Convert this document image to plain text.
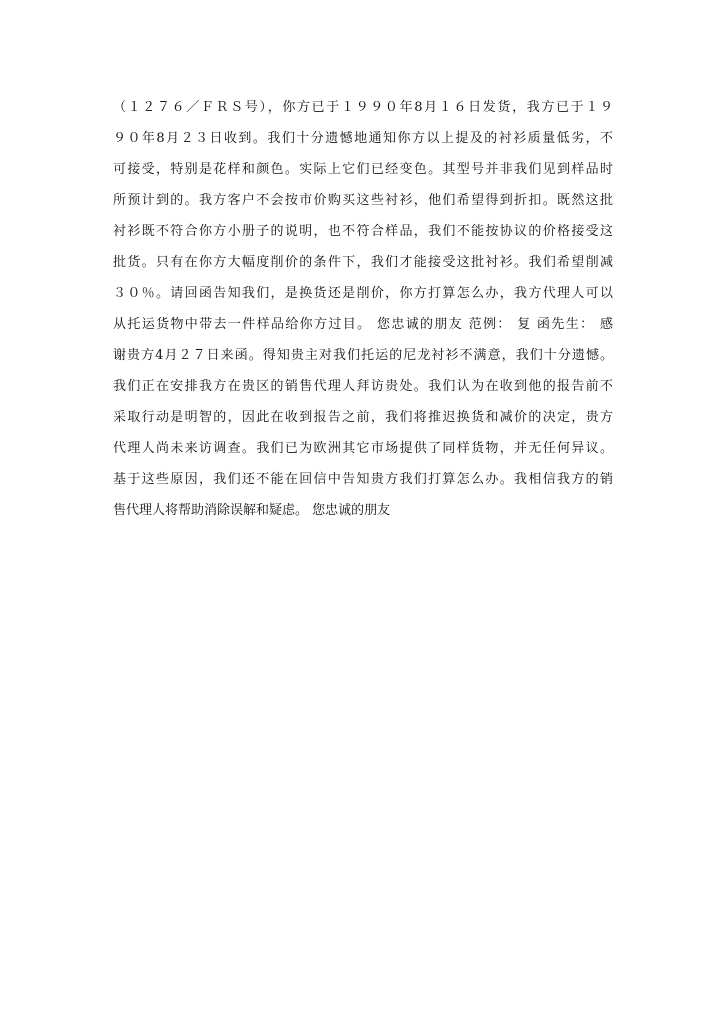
（１２７６／ＦＲＳ号），你方已于１９９０年8月１６日发货，我方已于１９
９０年8月２３日收到。我们十分遗憾地通知你方以上提及的衬衫质量低劣，不
可接受，特别是花样和颜色。实际上它们已经变色。其型号并非我们见到样品时
所预计到的。我方客户不会按市价购买这些衬衫，他们希望得到折扣。既然这批
衬衫既不符合你方小册子的说明，也不符合样品，我们不能按协议的价格接受这
批货。只有在你方大幅度削价的条件下，我们才能接受这批衬衫。我们希望削减
３０％。请回函告知我们，是换货还是削价，你方打算怎么办，我方代理人可以
从托运货物中带去一件样品给你方过目。 您忠诚的朋友 范例： 复 函先生： 感
谢贵方4月２７日来函。得知贵主对我们托运的尼龙衬衫不满意，我们十分遗憾。
我们正在安排我方在贵区的销售代理人拜访贵处。我们认为在收到他的报告前不
采取行动是明智的，因此在收到报告之前，我们将推迟换货和减价的决定，贵方
代理人尚未来访调查。我们已为欧洲其它市场提供了同样货物，并无任何异议。
基于这些原因，我们还不能在回信中告知贵方我们打算怎么办。我相信我方的销
售代理人将帮助消除误解和疑虑。 您忠诚的朋友
